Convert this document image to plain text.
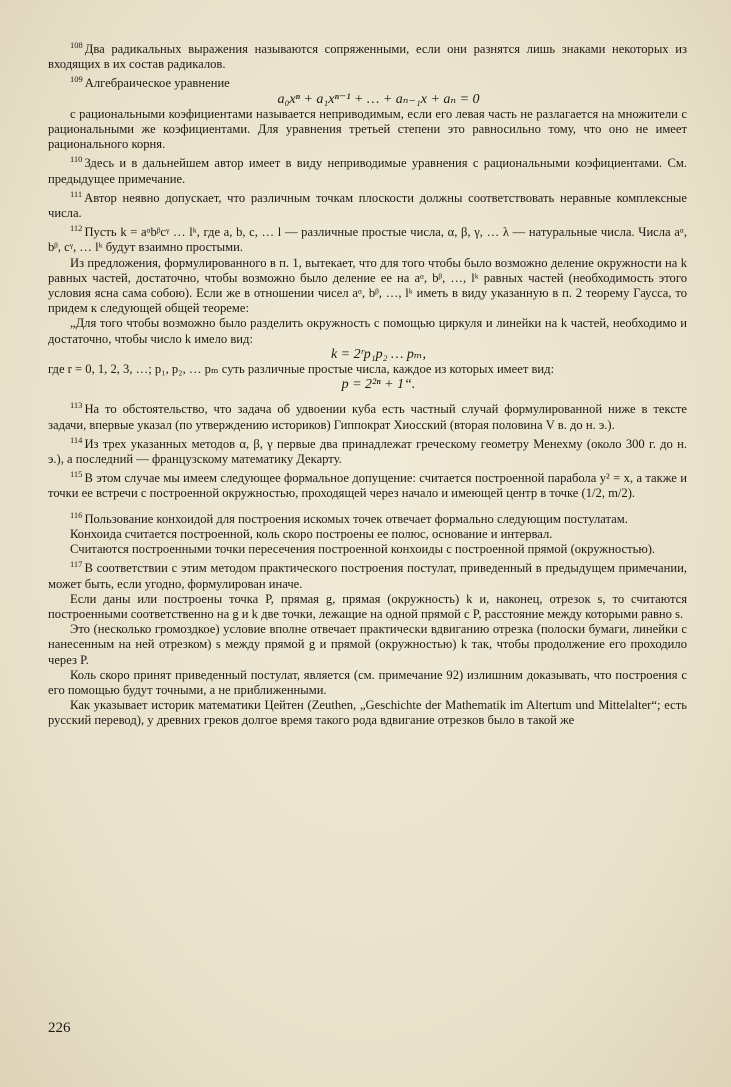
$^{108}$ Два радикальных выражения называются сопряженными, если они разнятся лишь знаками некоторых из входящих в их состав радикалов.

$^{109}$ Алгебраическое уравнение

a₀xⁿ + a₁xⁿ⁻¹ + … + aₙ₋₁x + aₙ = 0

с рациональными коэфициентами называется неприводимым, если его левая часть не разлагается на множители с рациональными же коэфициентами. Для уравнения третьей степени это равносильно тому, что оно не имеет рационального корня.

$^{110}$ Здесь и в дальнейшем автор имеет в виду неприводимые уравнения с рациональными коэфициентами. См. предыдущее примечание.

$^{111}$ Автор неявно допускает, что различным точкам плоскости должны соответствовать неравные комплексные числа.

$^{112}$ Пусть k = aᵅbᵝcᵞ … lᵏ, где a, b, c, … l — различные простые числа, α, β, γ, … λ — натуральные числа. Числа aᵅ, bᵝ, cᵞ, … lᵏ будут взаимно простыми.

Из предложения, формулированного в п. 1, вытекает, что для того чтобы было возможно деление окружности на k равных частей, достаточно, чтобы возможно было деление ее на aᵅ, bᵝ, …, lᵏ равных частей (необходимость этого условия ясна сама собою). Если же в отношении чисел aᵅ, bᵝ, …, lᵏ иметь в виду указанную в п. 2 теорему Гаусса, то придем к следующей общей теореме:

„Для того чтобы возможно было разделить окружность с помощью циркуля и линейки на k частей, необходимо и достаточно, чтобы число k имело вид:

k = 2ʳp₁p₂ … pₘ,

где r = 0, 1, 2, 3, …; p₁, p₂, … pₘ суть различные простые числа, каждое из которых имеет вид:

p = 2²ⁿ + 1“.

$^{113}$ На то обстоятельство, что задача об удвоении куба есть частный случай формулированной ниже в тексте задачи, впервые указал (по утверждению историков) Гиппократ Хиосский (вторая половина V в. до н. э.).

$^{114}$ Из трех указанных методов α, β, γ первые два принадлежат греческому геометру Менехму (около 300 г. до н. э.), а последний — французскому математику Декарту.

$^{115}$ В этом случае мы имеем следующее формальное допущение: считается построенной парабола y² = x, а также и точки ее встречи с построенной окружностью, проходящей через начало и имеющей центр в точке (1/2, m/2).

$^{116}$ Пользование конхоидой для построения искомых точек отвечает формально следующим постулатам.

Конхоида считается построенной, коль скоро построены ее полюс, основание и интервал.

Считаются построенными точки пересечения построенной конхоиды с построенной прямой (окружностью).

$^{117}$ В соответствии с этим методом практического построения постулат, приведенный в предыдущем примечании, может быть, если угодно, формулирован иначе.

Если даны или построены точка P, прямая g, прямая (окружность) k и, наконец, отрезок s, то считаются построенными соответственно на g и k две точки, лежащие на одной прямой с P, расстояние между которыми равно s.

Это (несколько громоздкое) условие вполне отвечает практически вдвиганию отрезка (полоски бумаги, линейки с нанесенным на ней отрезком) s между прямой g и прямой (окружностью) k так, чтобы продолжение его проходило через P.

Коль скоро принят приведенный постулат, является (см. примечание 92) излишним доказывать, что построения с его помощью будут точными, а не приближенными.

Как указывает историк математики Цейтен (Zeuthen, „Geschichte der Mathematik im Altertum und Mittelalter“; есть русский перевод), у древних греков долгое время такого рода вдвигание отрезков было в такой же

226
